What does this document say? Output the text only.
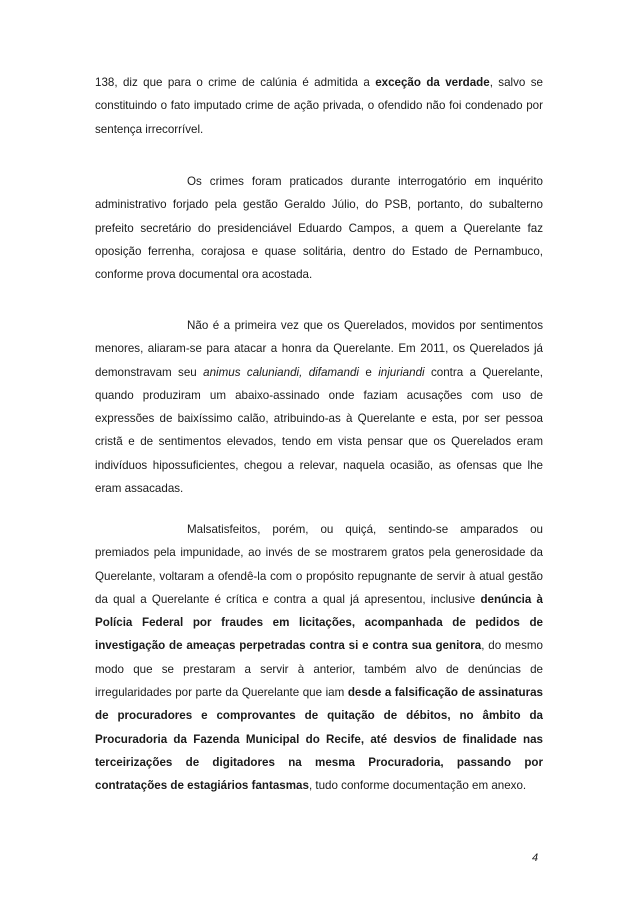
138, diz que para o crime de calúnia é admitida a exceção da verdade, salvo se constituindo o fato imputado crime de ação privada, o ofendido não foi condenado por sentença irrecorrível.

Os crimes foram praticados durante interrogatório em inquérito administrativo forjado pela gestão Geraldo Júlio, do PSB, portanto, do subalterno prefeito secretário do presidenciável Eduardo Campos, a quem a Querelante faz oposição ferrenha, corajosa e quase solitária, dentro do Estado de Pernambuco, conforme prova documental ora acostada.

Não é a primeira vez que os Querelados, movidos por sentimentos menores, aliaram-se para atacar a honra da Querelante. Em 2011, os Querelados já demonstravam seu animus caluniandi, difamandi e injuriandi contra a Querelante, quando produziram um abaixo-assinado onde faziam acusações com uso de expressões de baixíssimo calão, atribuindo-as à Querelante e esta, por ser pessoa cristã e de sentimentos elevados, tendo em vista pensar que os Querelados eram indivíduos hipossuficientes, chegou a relevar, naquela ocasião, as ofensas que lhe eram assacadas.

Malsatisfeitos, porém, ou quiçá, sentindo-se amparados ou premiados pela impunidade, ao invés de se mostrarem gratos pela generosidade da Querelante, voltaram a ofendê-la com o propósito repugnante de servir à atual gestão da qual a Querelante é crítica e contra a qual já apresentou, inclusive denúncia à Polícia Federal por fraudes em licitações, acompanhada de pedidos de investigação de ameaças perpetradas contra si e contra sua genitora, do mesmo modo que se prestaram a servir à anterior, também alvo de denúncias de irregularidades por parte da Querelante que iam desde a falsificação de assinaturas de procuradores e comprovantes de quitação de débitos, no âmbito da Procuradoria da Fazenda Municipal do Recife, até desvios de finalidade nas terceirizações de digitadores na mesma Procuradoria, passando por contratações de estagiários fantasmas, tudo conforme documentação em anexo.

4
